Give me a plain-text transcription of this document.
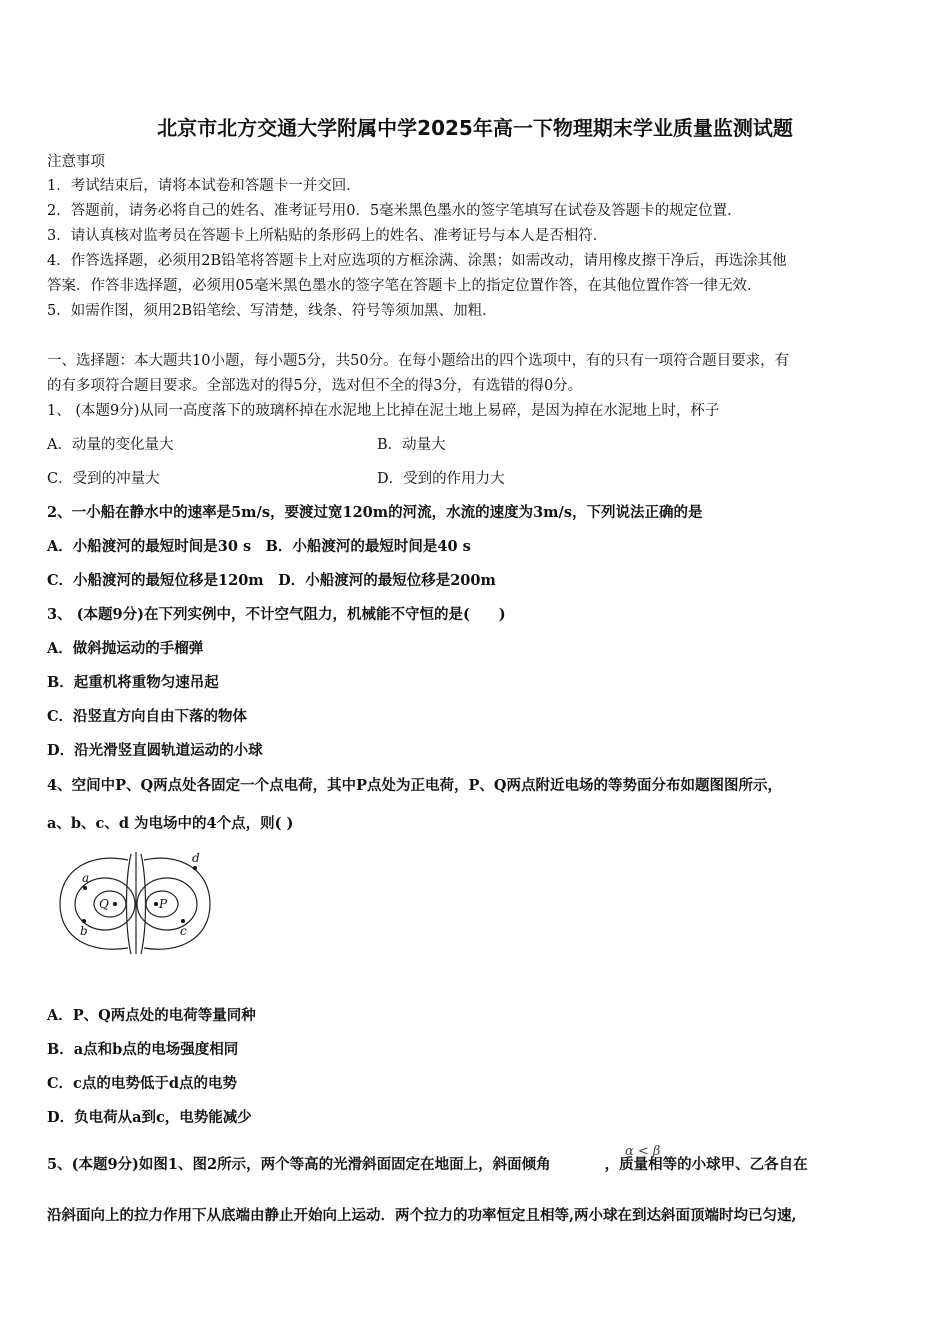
北京市北方交通大学附属中学2025年高一下物理期末学业质量监测试题
注意事项
1．考试结束后，请将本试卷和答题卡一并交回．
2．答题前，请务必将自己的姓名、准考证号用0．5毫米黑色墨水的签字笔填写在试卷及答题卡的规定位置．
3．请认真核对监考员在答题卡上所粘贴的条形码上的姓名、准考证号与本人是否相符．
4．作答选择题，必须用2B铅笔将答题卡上对应选项的方框涂满、涂黑；如需改动，请用橡皮擦干净后，再选涂其他
答案．作答非选择题，必须用05毫米黑色墨水的签字笔在答题卡上的指定位置作答，在其他位置作答一律无效．
5．如需作图，须用2B铅笔绘、写清楚，线条、符号等须加黑、加粗．
一、选择题：本大题共10小题，每小题5分，共50分。在每小题给出的四个选项中，有的只有一项符合题目要求，有
的有多项符合题目要求。全部选对的得5分，选对但不全的得3分，有选错的得0分。
1、 (本题9分)从同一高度落下的玻璃杯掉在水泥地上比掉在泥土地上易碎，是因为掉在水泥地上时，杯子
A．动量的变化量大	B．动量大
C．受到的冲量大	D．受到的作用力大
2、一小船在静水中的速率是5m/s，要渡过宽120m的河流，水流的速度为3m/s，下列说法正确的是
A．小船渡河的最短时间是30 s　B．小船渡河的最短时间是40 s
C．小船渡河的最短位移是120m　D．小船渡河的最短位移是200m
3、 (本题9分)在下列实例中，不计空气阻力，机械能不守恒的是(　　)
A．做斜抛运动的手榴弹
B．起重机将重物匀速吊起
C．沿竖直方向自由下落的物体
D．沿光滑竖直圆轨道运动的小球
4、空间中P、Q两点处各固定一个点电荷，其中P点处为正电荷，P、Q两点附近电场的等势面分布如题图图所示，
a、b、c、d 为电场中的4个点，则( )
Q	P
a
b	c
d
A．P、Q两点处的电荷等量同种
B．a点和b点的电场强度相同
C．c点的电势低于d点的电势
D．负电荷从a到c，电势能减少
5、(本题9分)如图1、图2所示，两个等高的光滑斜面固定在地面上，斜面倾角	，质量相等的小球甲、乙各自在
α < β
沿斜面向上的拉力作用下从底端由静止开始向上运动．两个拉力的功率恒定且相等,两小球在到达斜面顶端时均已匀速,
